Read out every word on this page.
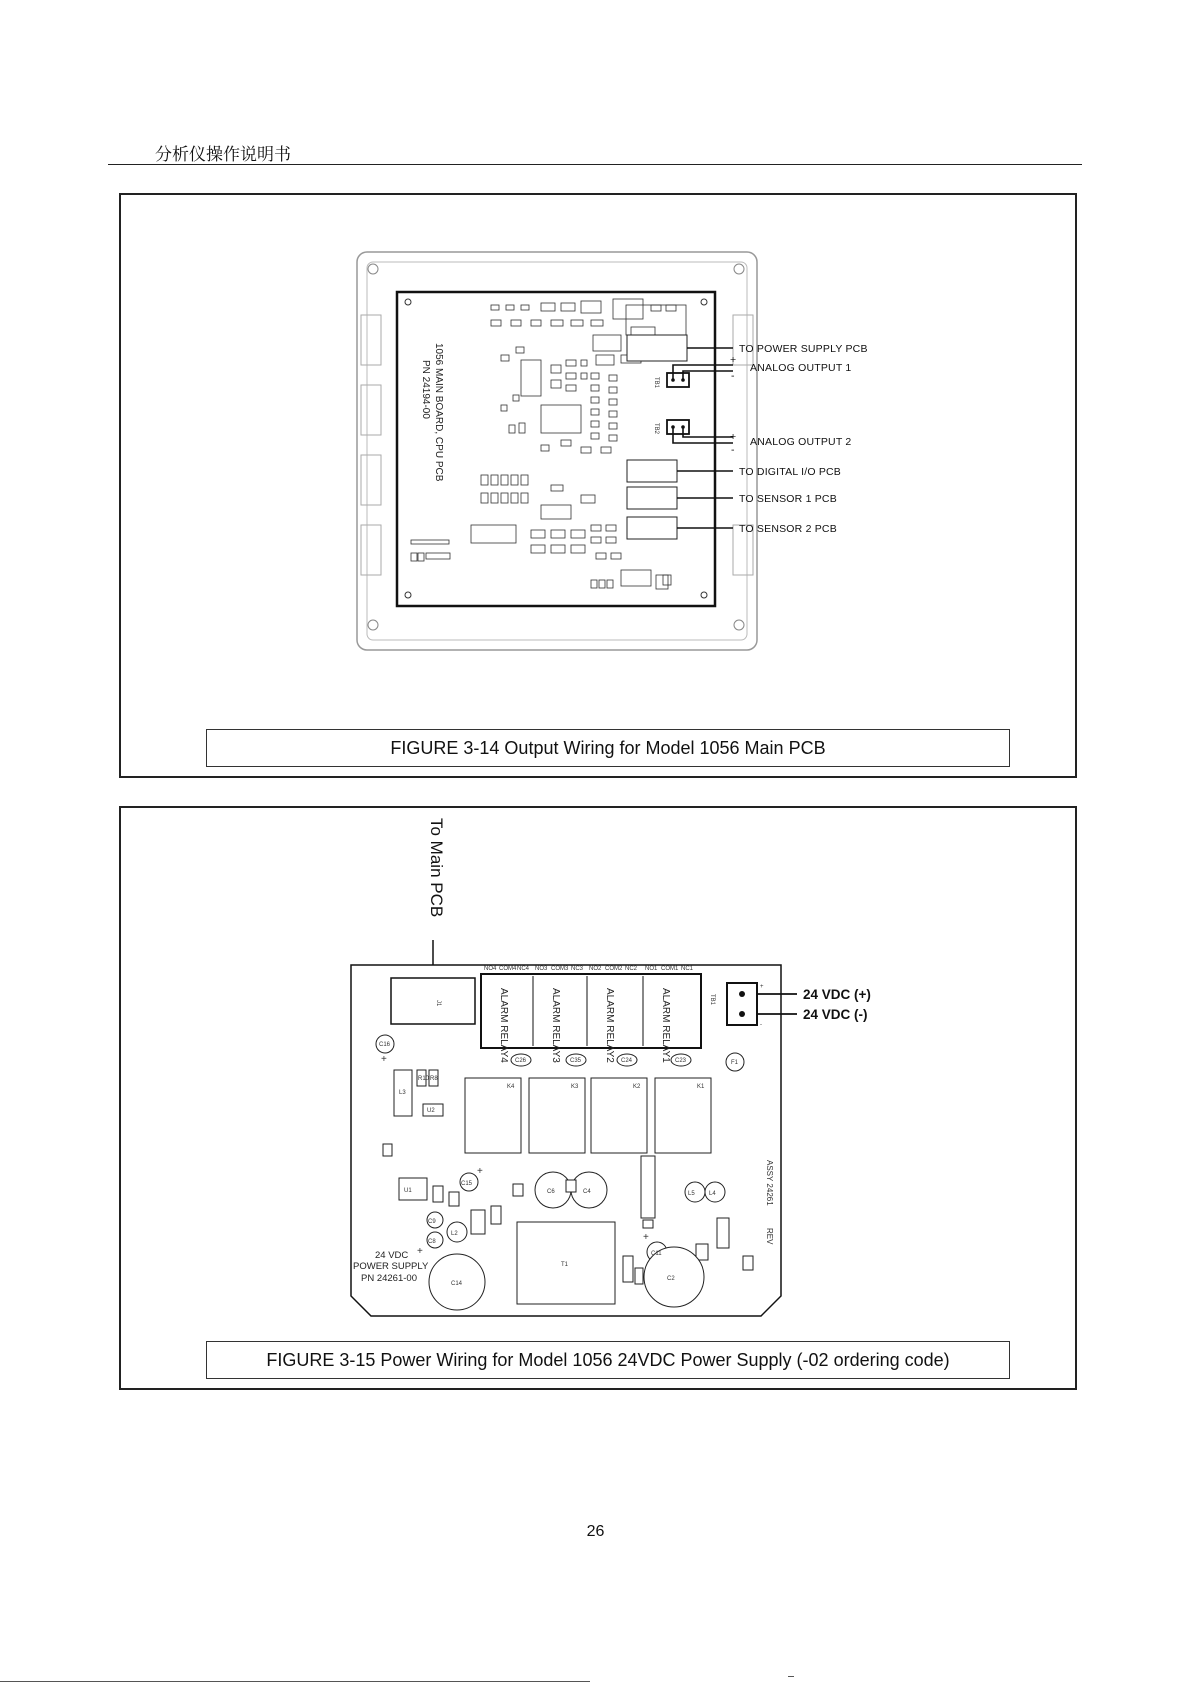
分析仪操作说明书
1056 MAIN BOARD, CPU PCB
PN 24194-00	TB1
TB2
TO POWER SUPPLY PCB
+
ANALOG OUTPUT 1
-
+ ANALOG OUTPUT 2
-
TO DIGITAL I/O PCB
TO SENSOR 1 PCB
TO SENSOR 2 PCB
FIGURE 3-14 Output Wiring for Model 1056 Main PCB
To Main PCB
J1
NO4 COM4 NC4 NO3 COM3 NC3 NO2 COM2 NC2 NO1 COM1 NC1
ALARM RELAY4	ALARM RELAY3	ALARM RELAY2	ALARM RELAY1	TB1
+
-
24 VDC (+)
24 VDC (-)
C26	C35	C24	C23	F1
C16
K4	K3	K2	K1
L3
R10 R8
U2
U1
C15
C6	C4	L5 L4
C9
C8
L2
T1
C11
C2
C14
+
+
+
+
ASSY 24261
REV
24 VDC
POWER SUPPLY
PN 24261-00
FIGURE 3-15 Power Wiring for Model 1056 24VDC Power Supply (-02 ordering code)
26
